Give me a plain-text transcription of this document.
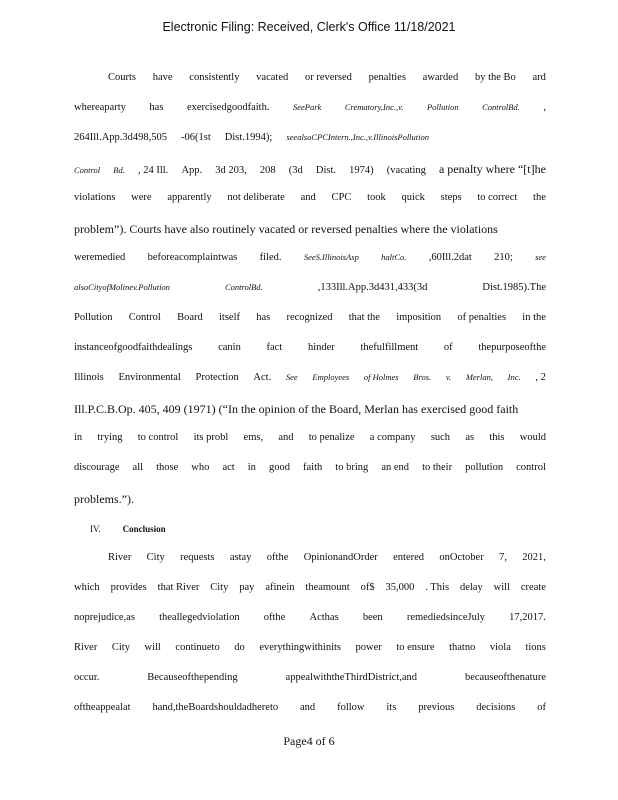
Electronic Filing: Received, Clerk's Office 11/18/2021
Courts have consistently vacated or reversed penalties awarded by the Bo ard
whereaparty has exercisedgoodfaith.	SeePark	Crematory,Inc.,v.	Pollution	ControlBd. ,
264Ill.App.3d498,505 -06(1st Dist.1994); seealsoCPCIntern.,Inc.,v.IllinoisPollution
Control Bd. , 24 Ill. App. 3d 203, 208 (3d Dist. 1974) (vacating a penalty where “[t]he
violations were apparently not deliberate and CPC took quick steps to correct the
problem”). Courts have also routinely vacated or reversed penalties where the violations
weremedied beforeacomplaintwas filed.	SeeS.IllinoisAsp	haltCo. ,60Ill.2dat 210;	see
alsoCityofMolinev.Pollution	ControlBd.	,133Ill.App.3d431,433(3d	Dist.1985).The
Pollution Control Board itself has recognized that the imposition of penalties in the
instanceofgoodfaithdealings canin fact hinder thefulfillment of thepurposeofthe
Illinois Environmental Protection Act. See Employees of Holmes Bros. v. Merlan, Inc. , 2
Ill.P.C.B.Op. 405, 409 (1971) (“In the opinion of the Board, Merlan has exercised good faith
in trying to control its probl ems, and to penalize a company such as this would
discourage all those who act in good faith to bring an end to their pollution control
problems.”).
River City requests astay ofthe OpinionandOrder entered onOctober 7, 2021,
which provides that River City pay afinein theamount of$ 35,000 . This delay will create
noprejudice,as theallegedviolation ofthe Acthas been remediedsinceJuly 17,2017.
River City will continueto do everythingwithinits power to ensure thatno viola tions
occur.	Becauseofthepending	appealwiththeThirdDistrict,and	becauseofthenature
oftheappealat hand,theBoardshouldadhereto and follow its previous decisions of
IV. Conclusion
Page4 of 6
